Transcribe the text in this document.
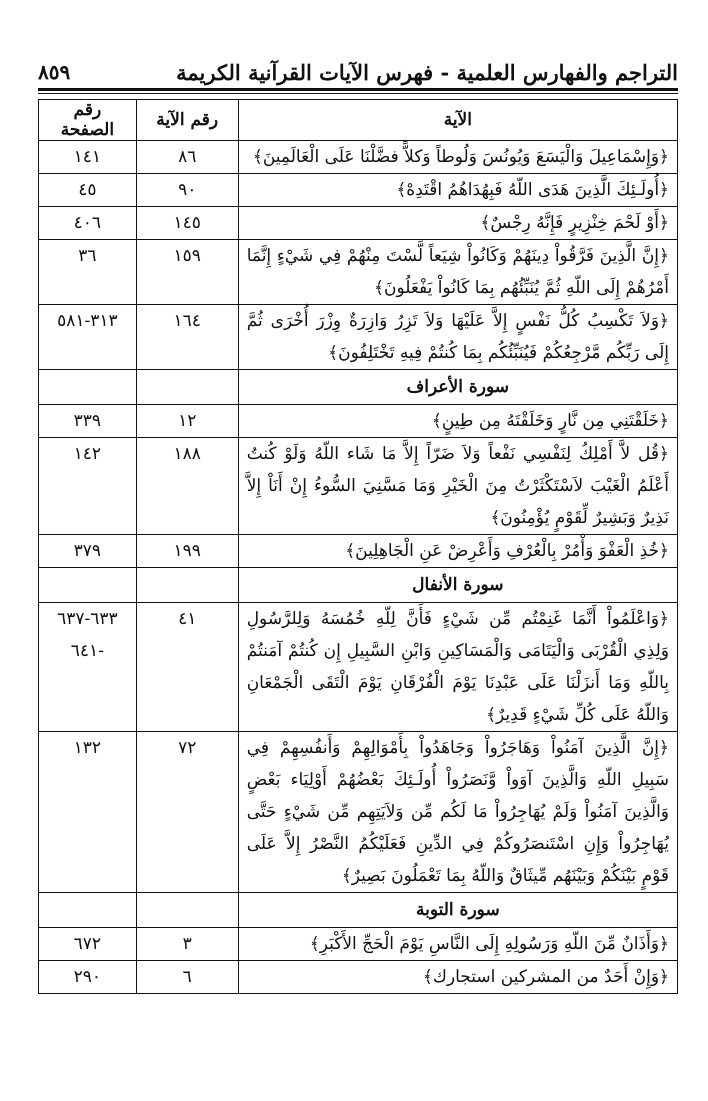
٨٥٩	التراجم والفهارس العلمية - فهرس الآيات القرآنية الكريمة
الآية	رقم الآية	رقم الصفحة
﴿وَإِسْمَاعِيلَ وَالْيَسَعَ وَيُونُسَ وَلُوطاً وَكلاًّ فضَّلْنَا عَلَى الْعَالَمِينَ﴾	٨٦	١٤١

﴿أُولَـئِكَ الَّذِينَ هَدَى اللّهُ فَبِهُدَاهُمُ اقْتَدِهْ﴾	٩٠	٤٥

﴿أَوْ لَحْمَ خِنْزِيرٍ فَإِنَّهُ رِجْسٌ﴾	١٤٥	٤٠٦

﴿إِنَّ الَّذِينَ فَرَّقُواْ دِينَهُمْ وَكَانُواْ شِيَعاً لَّسْتَ مِنْهُمْ فِي شَيْءٍ إِنَّمَا أَمْرُهُمْ إِلَى اللّهِ ثُمَّ يُنَبِّئُهُم بِمَا كَانُواْ يَفْعَلُونَ﴾	١٥٩	٣٦

﴿وَلاَ تَكْسِبُ كُلُّ نَفْسٍ إِلاَّ عَلَيْهَا وَلاَ تَزِرُ وَازِرَةٌ وِزْرَ أُخْرَى ثُمَّ إِلَى رَبِّكُم مَّرْجِعُكُمْ فَيُنَبِّئُكُم بِمَا كُنتُمْ فِيهِ تَخْتَلِفُونَ﴾	١٦٤	٣١٣-٥٨١

سورة الأعراف		
﴿خَلَقْتَنِي مِن نَّارٍ وَخَلَقْتَهُ مِن طِينٍ﴾	١٢	٣٣٩

﴿قُل لاَّ أَمْلِكُ لِنَفْسِي نَفْعاً وَلاَ ضَرّاً إِلاَّ مَا شَاء اللّهُ وَلَوْ كُنتُ أَعْلَمُ الْغَيْبَ لاَسْتَكْثَرْتُ مِنَ الْخَيْرِ وَمَا مَسَّنِيَ السُّوءُ إِنْ أَنَاْ إِلاَّ نَذِيرٌ وَبَشِيرٌ لِّقَوْمٍ يُؤْمِنُونَ﴾	١٨٨	١٤٢

﴿خُذِ الْعَفْوَ وَأْمُرْ بِالْعُرْفِ وَأَعْرِضْ عَنِ الْجَاهِلِينَ﴾	١٩٩	٣٧٩

سورة الأنفال		
﴿وَاعْلَمُواْ أَنَّمَا غَنِمْتُم مِّن شَيْءٍ فَأَنَّ لِلّهِ خُمُسَهُ وَلِلرَّسُولِ وَلِذِي الْقُرْبَى وَالْيَتَامَى وَالْمَسَاكِينِ وَابْنِ السَّبِيلِ إِن كُنتُمْ آمَنتُمْ بِاللّهِ وَمَا أَنزَلْنَا عَلَى عَبْدِنَا يَوْمَ الْفُرْقَانِ يَوْمَ الْتَقَى الْجَمْعَانِ وَاللّهُ عَلَى كُلِّ شَيْءٍ قَدِيرٌ﴾	٤١	٦٣٣-٦٣٧
-٦٤١

﴿إِنَّ الَّذِينَ آمَنُواْ وَهَاجَرُواْ وَجَاهَدُواْ بِأَمْوَالِهِمْ وَأَنفُسِهِمْ فِي سَبِيلِ اللّهِ وَالَّذِينَ آوَواْ وَّنَصَرُواْ أُولَـئِكَ بَعْضُهُمْ أَوْلِيَاء بَعْضٍ وَالَّذِينَ آمَنُواْ وَلَمْ يُهَاجِرُواْ مَا لَكُم مِّن وَلاَيَتِهِم مِّن شَيْءٍ حَتَّى يُهَاجِرُواْ وَإِنِ اسْتَنصَرُوكُمْ فِي الدِّينِ فَعَلَيْكُمُ النَّصْرُ إِلاَّ عَلَى قَوْمٍ بَيْنَكُمْ وَبَيْنَهُم مِّيثَاقٌ وَاللّهُ بِمَا تَعْمَلُونَ بَصِيرٌ﴾	٧٢	١٣٢

سورة التوبة		
﴿وَأَذَانٌ مِّنَ اللّهِ وَرَسُولِهِ إِلَى النَّاسِ يَوْمَ الْحَجِّ الأَكْبَرِ﴾	٣	٦٧٢

﴿وَإِنْ أَحَدٌ من المشركين استجارك﴾	٦	٢٩٠
